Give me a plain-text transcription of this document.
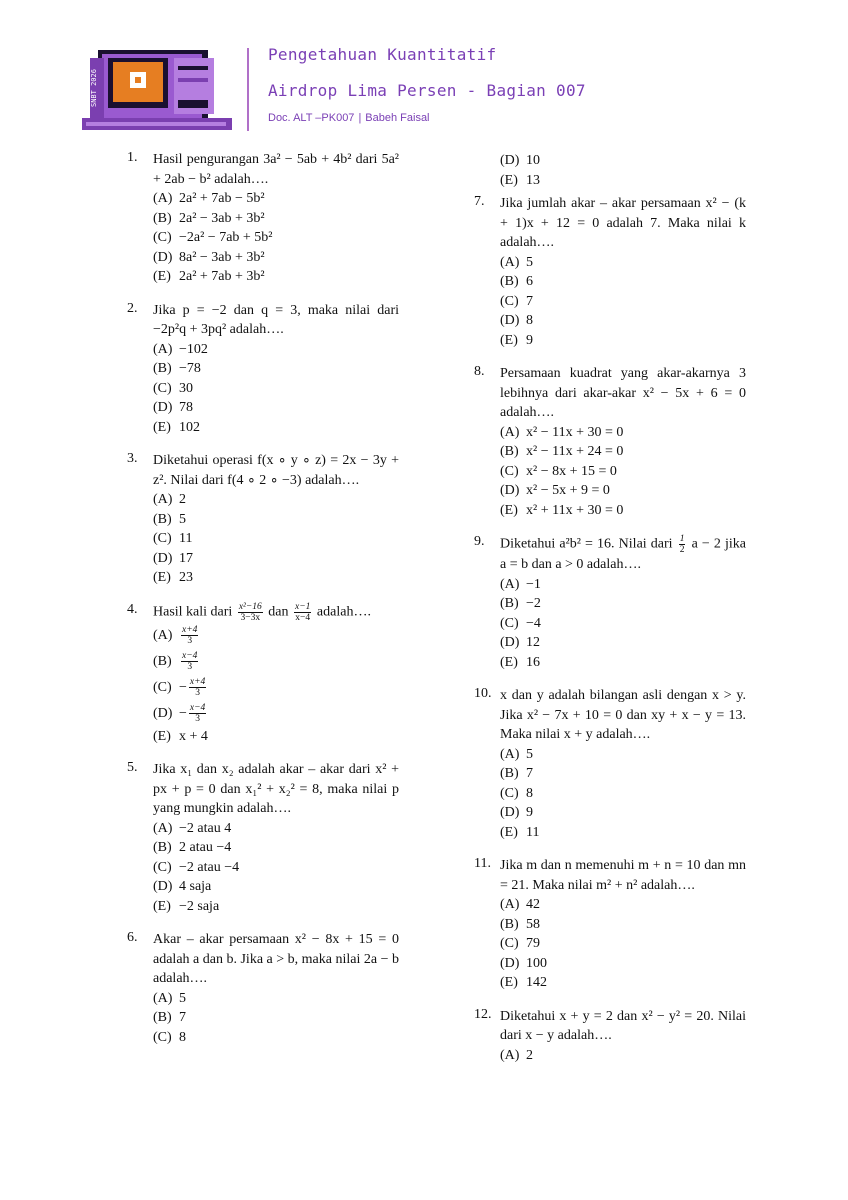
SNBT 2026
Pengetahuan Kuantitatif
Airdrop Lima Persen - Bagian 007
Doc. ALT –PK007 | Babeh Faisal
1.	Hasil pengurangan 3a² − 5ab + 4b² dari 5a² + 2ab − b² adalah….
(A) 2a² + 7ab − 5b²
(B) 2a² − 3ab + 3b²
(C) −2a² − 7ab + 5b²
(D) 8a² − 3ab + 3b²
(E) 2a² + 7ab + 3b²
2.	Jika p = −2 dan q = 3, maka nilai dari −2p²q + 3pq² adalah….
(A) −102
(B) −78
(C) 30
(D) 78
(E) 102
3.	Diketahui operasi f(x ∘ y ∘ z) = 2x − 3y + z². Nilai dari f(4 ∘ 2 ∘ −3) adalah….
(A) 2
(B) 5
(C) 11
(D) 17
(E) 23
4.	Hasil kali dari $\frac{\text{x²−16}}{3-3x}$ dan $\frac{x-1}{x-4}$ adalah….
$(A) \frac{x+4}{3}$
$(B) \frac{x-4}{3}$
$(C) - \frac{x+4}{3}$
$(D) - \frac{x-4}{3}$
(E) x + 4
5.	Jika x₁ dan x₂ adalah akar – akar dari x² + px + p = 0 dan x₁² + x₂² = 8, maka nilai p yang mungkin adalah….
(A) −2 atau 4
(B) 2 atau −4
(C) −2 atau −4
(D) 4 saja
(E) −2 saja
6.	Akar – akar persamaan x² − 8x + 15 = 0 adalah a dan b. Jika a > b, maka nilai 2a − b adalah….
(A) 5
(B) 7
(C) 8
(D) 10
(E) 13
7.	Jika jumlah akar – akar persamaan x² − (k + 1)x + 12 = 0 adalah 7. Maka nilai k adalah….
(A) 5
(B) 6
(C) 7
(D) 8
(E) 9
8.	Persamaan kuadrat yang akar-akarnya 3 lebihnya dari akar-akar x² − 5x + 6 = 0 adalah….
(A) x² − 11x + 30 = 0
(B) x² − 11x + 24 = 0
(C) x² − 8x + 15 = 0
(D) x² − 5x + 9 = 0
(E) x² + 11x + 30 = 0
9.	Diketahui a²b² = 16. Nilai dari $\frac{1}{2}$ a − 2 jika a = b dan a > 0 adalah….
(A) −1
(B) −2
(C) −4
(D) 12
(E) 16
10. x dan y adalah bilangan asli dengan x > y. Jika x² − 7x + 10 = 0 dan xy + x − y = 13. Maka nilai x + y adalah….
(A) 5
(B) 7
(C) 8
(D) 9
(E) 11
11. Jika m dan n memenuhi m + n = 10 dan mn = 21. Maka nilai m² + n² adalah….
(A) 42
(B) 58
(C) 79
(D) 100
(E) 142
12. Diketahui x + y = 2 dan x² − y² = 20. Nilai dari x − y adalah….
(A) 2
